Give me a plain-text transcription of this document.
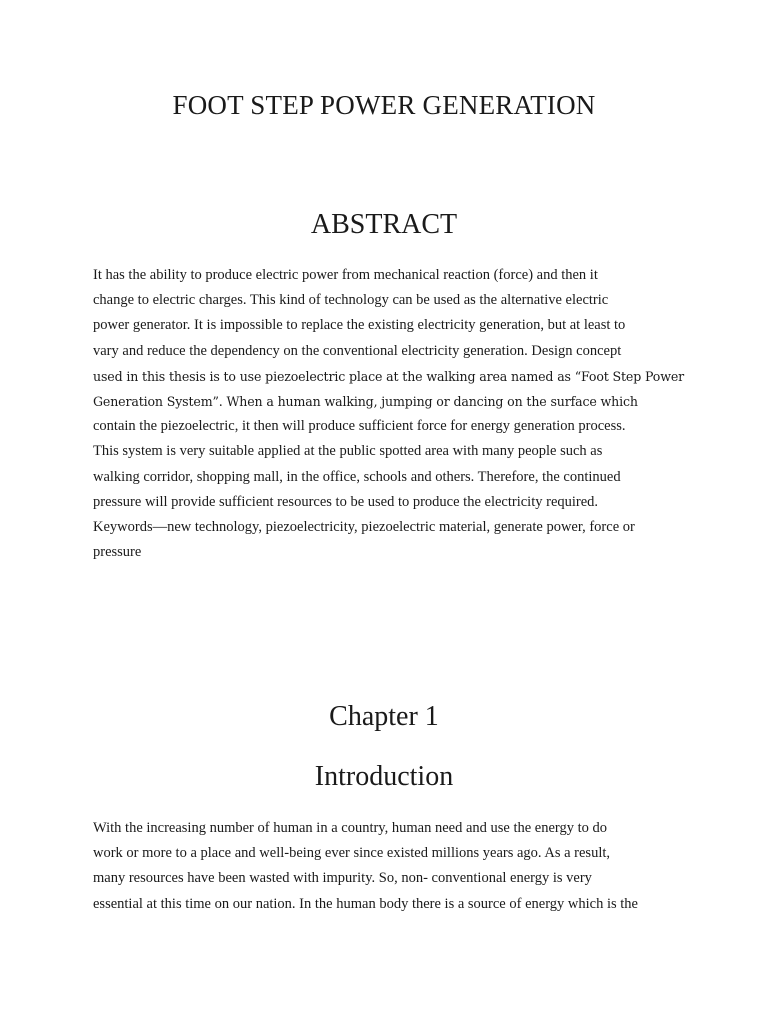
FOOT STEP POWER GENERATION
ABSTRACT
It has the ability to produce electric power from mechanical reaction (force) and then it
change to electric charges. This kind of technology can be used as the alternative electric
power generator. It is impossible to replace the existing electricity generation, but at least to
vary and reduce the dependency on the conventional electricity generation. Design concept
used in this thesis is to use piezoelectric place at the walking area named as “Foot Step Power
Generation System”. When a human walking, jumping or dancing on the surface which
contain the piezoelectric, it then will produce sufficient force for energy generation process.
This system is very suitable applied at the public spotted area with many people such as
walking corridor, shopping mall, in the office, schools and others. Therefore, the continued
pressure will provide sufficient resources to be used to produce the electricity required.
Keywords—new technology, piezoelectricity, piezoelectric material, generate power, force or
pressure
Chapter 1
Introduction
With the increasing number of human in a country, human need and use the energy to do
work or more to a place and well-being ever since existed millions years ago. As a result,
many resources have been wasted with impurity. So, non- conventional energy is very
essential at this time on our nation. In the human body there is a source of energy which is the
